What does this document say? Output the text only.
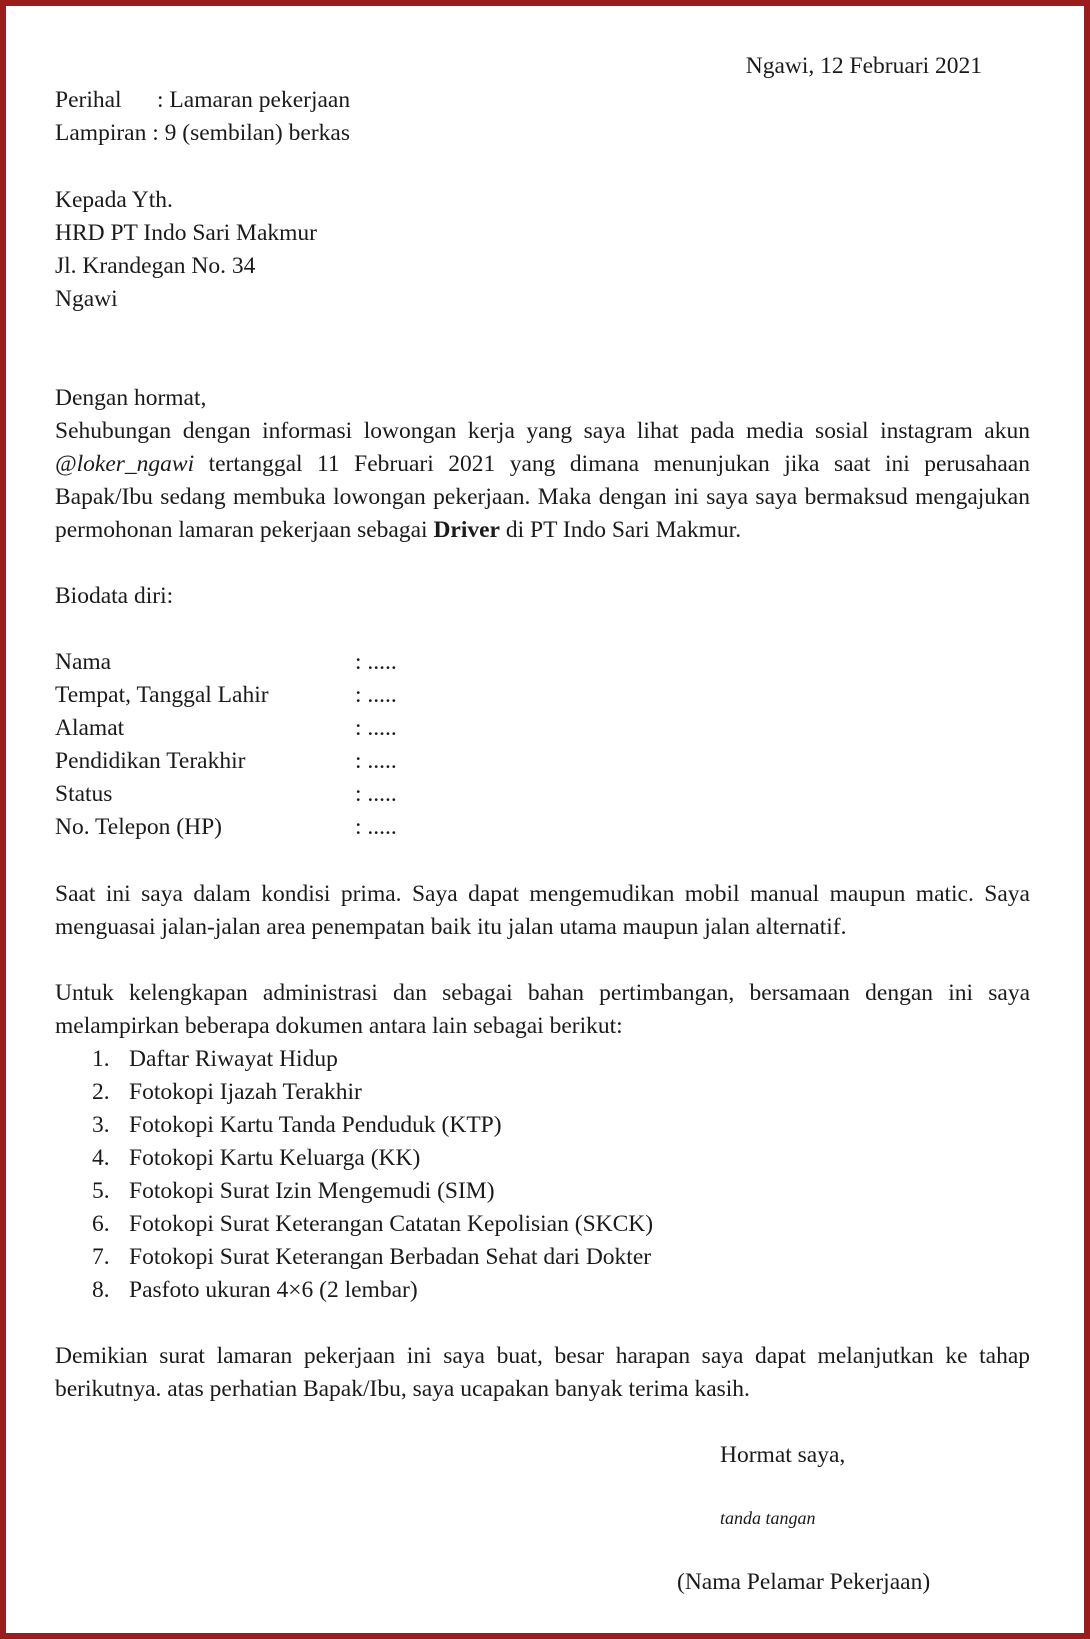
Ngawi, 12 Februari 2021
Perihal : Lamaran pekerjaan
Lampiran : 9 (sembilan) berkas
Kepada Yth.
HRD PT Indo Sari Makmur
Jl. Krandegan No. 34
Ngawi
Dengan hormat,
Sehubungan dengan informasi lowongan kerja yang saya lihat pada media sosial instagram akun @loker_ngawi tertanggal 11 Februari 2021 yang dimana menunjukan jika saat ini perusahaan Bapak/Ibu sedang membuka lowongan pekerjaan. Maka dengan ini saya saya bermaksud mengajukan permohonan lamaran pekerjaan sebagai Driver di PT Indo Sari Makmur.
Biodata diri:
Nama	: .....
Tempat, Tanggal Lahir	: .....
Alamat	: .....
Pendidikan Terakhir	: .....
Status	: .....
No. Telepon (HP)	: .....
Saat ini saya dalam kondisi prima. Saya dapat mengemudikan mobil manual maupun matic. Saya menguasai jalan-jalan area penempatan baik itu jalan utama maupun jalan alternatif.
Untuk kelengkapan administrasi dan sebagai bahan pertimbangan, bersamaan dengan ini saya melampirkan beberapa dokumen antara lain sebagai berikut:
1. Daftar Riwayat Hidup
2. Fotokopi Ijazah Terakhir
3. Fotokopi Kartu Tanda Penduduk (KTP)
4. Fotokopi Kartu Keluarga (KK)
5. Fotokopi Surat Izin Mengemudi (SIM)
6. Fotokopi Surat Keterangan Catatan Kepolisian (SKCK)
7. Fotokopi Surat Keterangan Berbadan Sehat dari Dokter
8. Pasfoto ukuran 4×6 (2 lembar)
Demikian surat lamaran pekerjaan ini saya buat, besar harapan saya dapat melanjutkan ke tahap berikutnya. atas perhatian Bapak/Ibu, saya ucapakan banyak terima kasih.
Hormat saya,
tanda tangan
(Nama Pelamar Pekerjaan)
